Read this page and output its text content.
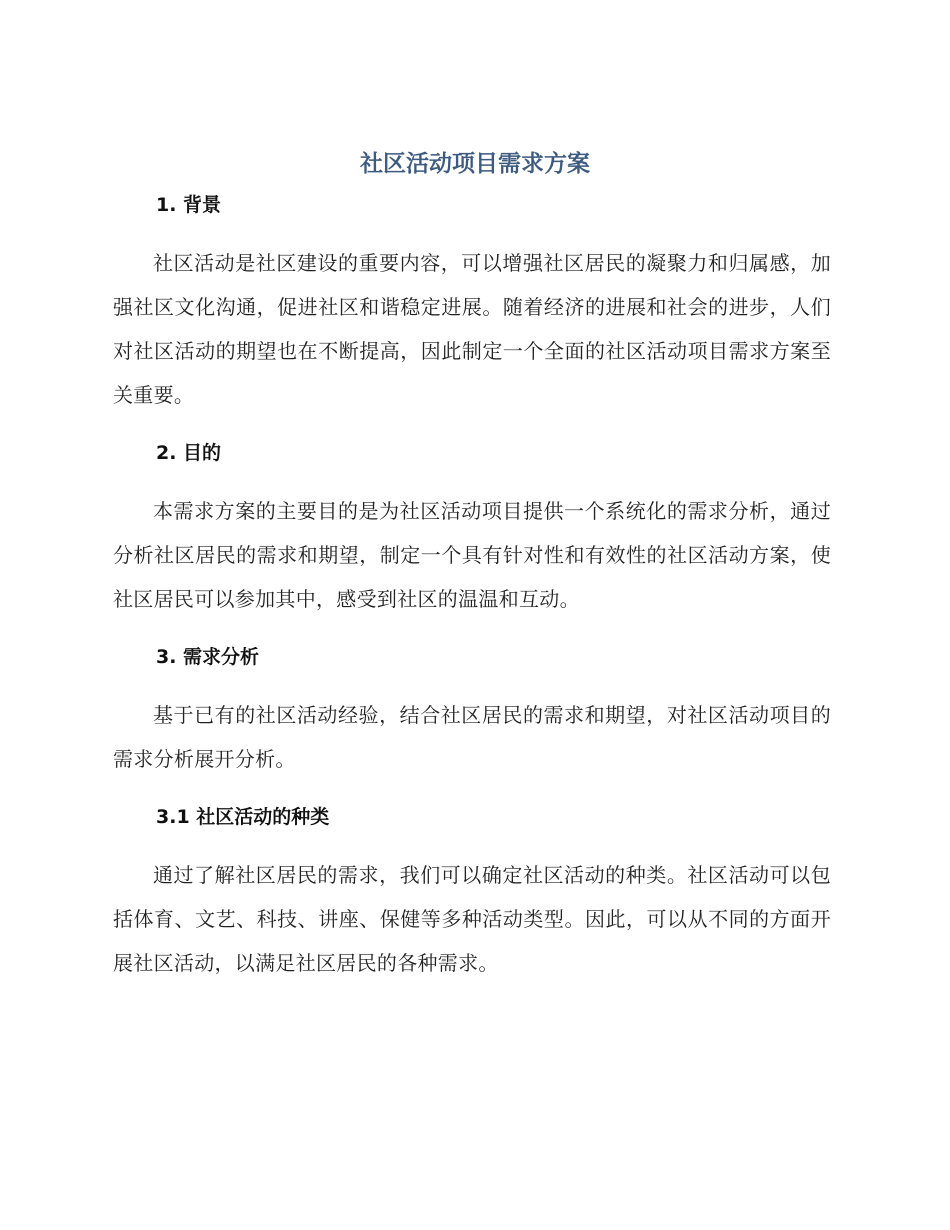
社区活动项目需求方案
1. 背景

社区活动是社区建设的重要内容，可以增强社区居民的凝聚力和归属感，加强社区文化沟通，促进社区和谐稳定进展。随着经济的进展和社会的进步，人们对社区活动的期望也在不断提高，因此制定一个全面的社区活动项目需求方案至关重要。

2. 目的

本需求方案的主要目的是为社区活动项目提供一个系统化的需求分析，通过分析社区居民的需求和期望，制定一个具有针对性和有效性的社区活动方案，使社区居民可以参加其中，感受到社区的温温和互动。

3. 需求分析

基于已有的社区活动经验，结合社区居民的需求和期望，对社区活动项目的需求分析展开分析。

3.1 社区活动的种类

通过了解社区居民的需求，我们可以确定社区活动的种类。社区活动可以包括体育、文艺、科技、讲座、保健等多种活动类型。因此，可以从不同的方面开展社区活动，以满足社区居民的各种需求。
